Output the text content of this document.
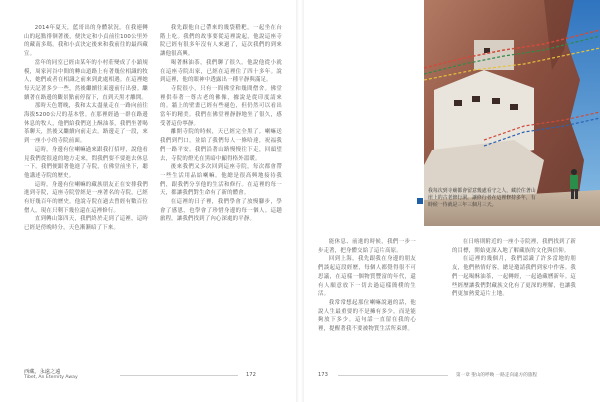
2014年夏天，藍哥出的身體狀況，在我連轉山的起點徘徊著後，便決定和小貞前往100公里外的藏南多瑪。我和小貞決定後來和我前往的最西藏宣。

當年的同室已經由某年的小村莊變成了小鎮規模，周家河谷中間的轉山道路上有著幾位相識的牧人，她們或者在相識之前來到此處相遇。在這裡她每天記著多少一些，然後繼續往東邊前行出發。繼續著在路邊的觀景點前停留下，直到天黑才離開。

那時天色將晚，我和太太盡量走在一路向前往海拔5200公尺的基本營。在那裡經過一群在路邊休息的牧人，他們給我們送上酥油茶，我們坐著喝茶聊天，然後又繼續向前走去。路邊走了一段，來到一座小小的寺院前面。

這時，身邊有位喇嘛過來跟我打招呼，說他看見我們從很遠的地方走來，問我們要不要進去休息一下。我們便跟著他進了寺院，在佛堂前坐下，聽他講述寺院的歷史。

這時，身邊有位喇嘛的藏族朋友正在安排我們進到寺院，這座寺院曾經是一座著名的寺院，已經有好幾百年的歷史。他說寺院在過去曾經有數百位僧人，現在只剩下幾位還在這裡修行。

直到轉山第四天，我們終於走到了這裡，這時已經是傍晚時分，天色漸漸暗了下來。

我先跟他自己帶來的幾袋糌粑，一起坐在台階上吃。我們的故事要從這裡說起，他說這座寺院已經有很多年沒有人來過了，這次我們的到來讓他很高興。

喝著酥油茶，我們聊了很久。他說他從小就在這座寺院出家，已經在這裡住了四十多年。說到這裡，他的眼神中透露出一種平靜與滿足。

寺院很小，只有一間佛堂和幾間僧舍。佛堂裡供奉著一尊古老的佛像，據說是從印度請來的。牆上的壁畫已經有些褪色，但仍然可以看出當年的精美。我們在佛堂裡靜靜地坐了很久，感受著這份寧靜。

離開寺院的時候，天已經完全黑了。喇嘛送我們到門口，並給了我們每人一條哈達，祝福我們一路平安。我們沿著山路慢慢往下走，回頭望去，寺院的燈光在黑暗中顯得格外溫暖。

後來我們又多次回到這座寺院，每次都會帶一些生活用品給喇嘛。他總是很高興地接待我們，跟我們分享他的生活和修行。在這裡的每一天，都讓我們對生命有了新的體會。

在這裡的日子裡，我們學會了放慢腳步，學會了感恩，也學會了珍惜身邊的每一個人。這趟旅程，讓我們找到了內心深處的平靜。

西藏，永遠之遠
Tibet, An Eternity Away	172

能休息、前進的時候，我們一步一步走著，把身體交給了這片高原。

回到上海，我先跟我在身邊的朋友們談起這段經歷，每個人都覺得很不可思議，在這樣一個物質豐富的年代，還有人願意放下一切去過這樣簡樸的生活。

我常常想起那位喇嘛說過的話，他說人生最重要的不是擁有多少，而是能夠放下多少。這句話一直留在我的心裡，提醒著我不要被物質生活所束縛。

在日喀則附近的一座小寺院裡，我們找到了新的目標，開始更深入地了解藏族的文化與信仰。

在這裡的幾個月，我們認識了許多當地的朋友，他們熱情好客，總是邀請我們到家中作客。我們一起喝酥油茶，一起轉經，一起過藏曆新年。這些經歷讓我們對藏族文化有了更深的理解，也讓我們更加熱愛這片土地。

我每次到寺廟都會留意幾處看守之人，藏於住著山崖上的古老修行洞，讓修行者在這裡修持多年，有時候一待就是三年三個月三天。
173	第一章 聖山的呼喚 一路走向遠方的旅程
